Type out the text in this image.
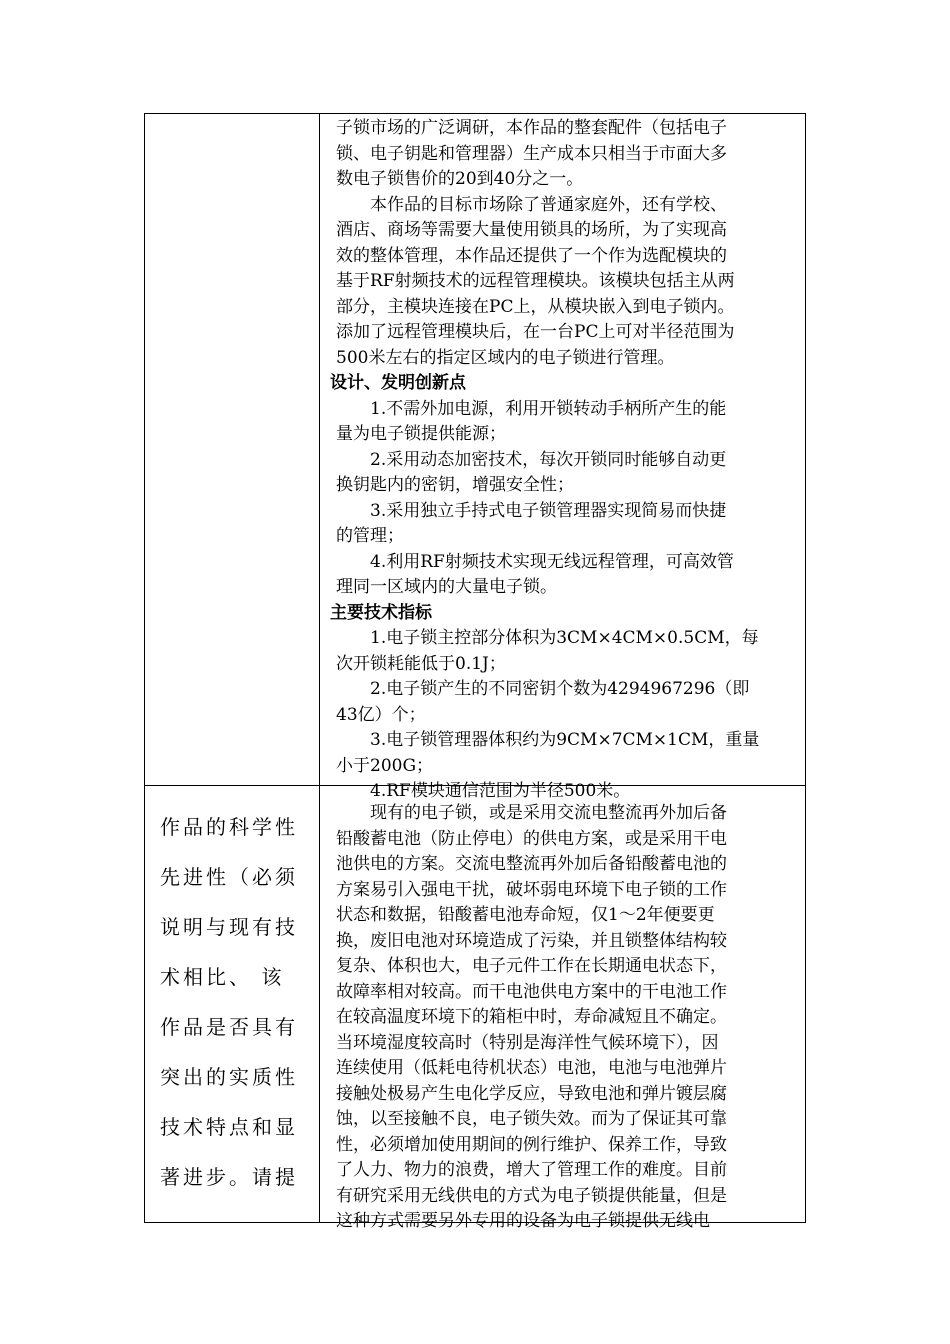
子锁市场的广泛调研，本作品的整套配件（包括电子

锁、电子钥匙和管理器）生产成本只相当于市面大多

数电子锁售价的20到40分之一。

本作品的目标市场除了普通家庭外，还有学校、

酒店、商场等需要大量使用锁具的场所，为了实现高

效的整体管理，本作品还提供了一个作为选配模块的

基于RF射频技术的远程管理模块。该模块包括主从两

部分，主模块连接在PC上，从模块嵌入到电子锁内。

添加了远程管理模块后，在一台PC上可对半径范围为

500米左右的指定区域内的电子锁进行管理。

设计、发明创新点

1.不需外加电源，利用开锁转动手柄所产生的能

量为电子锁提供能源；

2.采用动态加密技术，每次开锁同时能够自动更

换钥匙内的密钥，增强安全性；

3.采用独立手持式电子锁管理器实现简易而快捷

的管理；

4.利用RF射频技术实现无线远程管理，可高效管

理同一区域内的大量电子锁。

主要技术指标

1.电子锁主控部分体积为3CM×4CM×0.5CM，每

次开锁耗能低于0.1J；

2.电子锁产生的不同密钥个数为4294967296（即

43亿）个；

3.电子锁管理器体积约为9CM×7CM×1CM，重量

小于200G；

4.RF模块通信范围为半径500米。

作品的科学性

先进性（必须

说明与现有技

术相比、 该

作品是否具有

突出的实质性

技术特点和显

著进步。请提

现有的电子锁，或是采用交流电整流再外加后备

铅酸蓄电池（防止停电）的供电方案，或是采用干电

池供电的方案。交流电整流再外加后备铅酸蓄电池的

方案易引入强电干扰，破坏弱电环境下电子锁的工作

状态和数据，铅酸蓄电池寿命短，仅1～2年便要更

换，废旧电池对环境造成了污染，并且锁整体结构较

复杂、体积也大，电子元件工作在长期通电状态下，

故障率相对较高。而干电池供电方案中的干电池工作

在较高温度环境下的箱柜中时，寿命减短且不确定。

当环境湿度较高时（特别是海洋性气候环境下），因

连续使用（低耗电待机状态）电池，电池与电池弹片

接触处极易产生电化学反应，导致电池和弹片镀层腐

蚀，以至接触不良，电子锁失效。而为了保证其可靠

性，必须增加使用期间的例行维护、保养工作，导致

了人力、物力的浪费，增大了管理工作的难度。目前

有研究采用无线供电的方式为电子锁提供能量，但是

这种方式需要另外专用的设备为电子锁提供无线电
